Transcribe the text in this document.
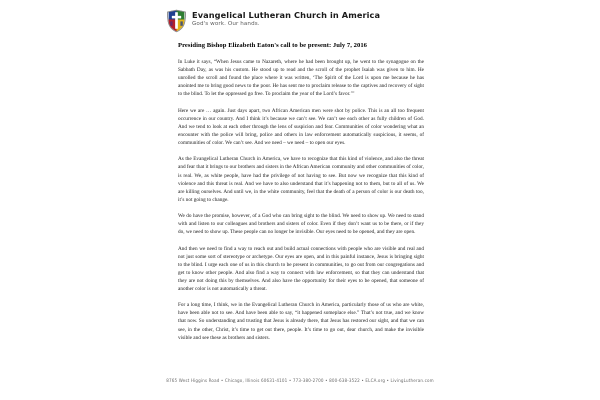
Evangelical Lutheran Church in America
God's work. Our hands.
Presiding Bishop Elizabeth Eaton's call to be present: July 7, 2016

In Luke it says, “When Jesus came to Nazareth, where he had been brought up, he went to the synagogue on the Sabbath Day, as was his custom. He stood up to read and the scroll of the prophet Isaiah was given to him. He unrolled the scroll and found the place where it was written, ‘The Spirit of the Lord is upon me because he has anointed me to bring good news to the poor. He has sent me to proclaim release to the captives and recovery of sight to the blind. To let the oppressed go free. To proclaim the year of the Lord’s favor.’”

Here we are … again. Just days apart, two African American men were shot by police. This is an all too frequent occurrence in our country. And I think it’s because we can’t see. We can’t see each other as fully children of God. And we tend to look at each other through the lens of suspicion and fear. Communities of color wondering what an encounter with the police will bring, police and others in law enforcement automatically suspicious, it seems, of communities of color. We can’t see. And we need – we need – to open our eyes.

As the Evangelical Lutheran Church in America, we have to recognize that this kind of violence, and also the threat and fear that it brings to our brothers and sisters in the African American community and other communities of color, is real. We, as white people, have had the privilege of not having to see. But now we recognize that this kind of violence and this threat is real. And we have to also understand that it’s happening not to them, but to all of us. We are killing ourselves. And until we, in the white community, feel that the death of a person of color is our death too, it’s not going to change.

We do have the promise, however, of a God who can bring sight to the blind. We need to show up. We need to stand with and listen to our colleagues and brothers and sisters of color. Even if they don’t want us to be there, or if they do, we need to show up. These people can no longer be invisible. Our eyes need to be opened, and they are open.

And then we need to find a way to reach out and build actual connections with people who are visible and real and not just some sort of stereotype or archetype. Our eyes are open, and in this painful instance, Jesus is bringing sight to the blind. I urge each one of us in this church to be present in communities, to go out from our congregations and get to know other people. And also find a way to connect with law enforcement, so that they can understand that they are not doing this by themselves. And also have the opportunity for their eyes to be opened, that someone of another color is not automatically a threat.

For a long time, I think, we in the Evangelical Lutheran Church in America, particularly those of us who are white, have been able not to see. And have been able to say, “it happened someplace else.” That’s not true, and we know that now. So understanding and trusting that Jesus is already there, that Jesus has restored our sight, and that we can see, in the other, Christ, it’s time to get out there, people. It’s time to go out, dear church, and make the invisible visible and see these as brothers and sisters.

8765 West Higgins Road • Chicago, Illinois 60631-4101 • 773-380-2700 • 800-638-3522 • ELCA.org • LivingLutheran.com
